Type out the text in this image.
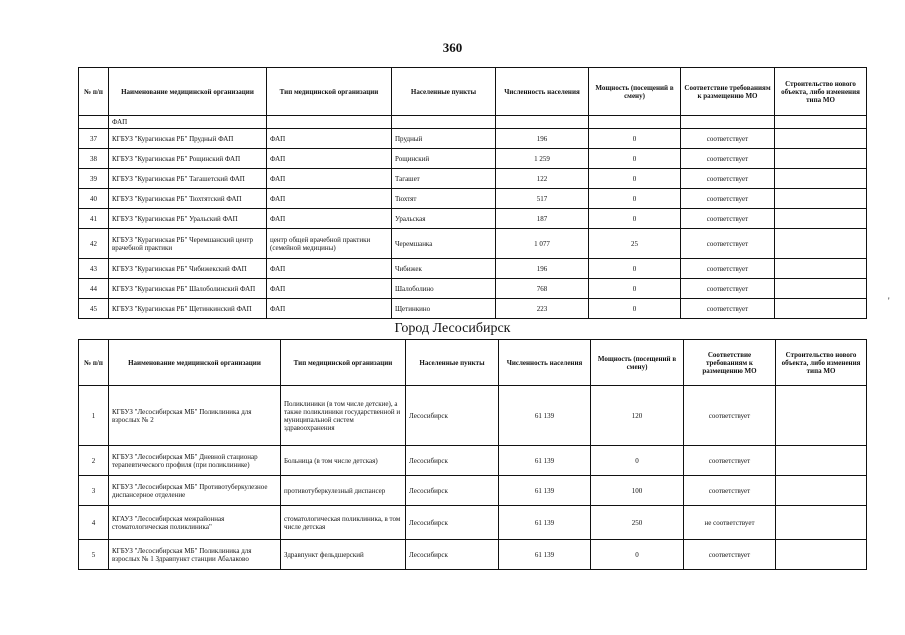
360
№ п/п	Наименование медицинской организации	Тип медицинской организации	Населенные пункты	Численность населения	Мощность (посещений в смену)	Соответствие требованиям к размещению МО	Строительство нового объекта, либо изменения типа МО
	ФАП						
37	КГБУЗ "Курагинская РБ" Прудный ФАП	ФАП	Прудный	196	0	соответствует	
38	КГБУЗ "Курагинская РБ" Рощинский ФАП	ФАП	Рощинский	1 259	0	соответствует	
39	КГБУЗ "Курагинская РБ" Тагашетский ФАП	ФАП	Тагашет	122	0	соответствует	
40	КГБУЗ "Курагинская РБ" Тюхтятский ФАП	ФАП	Тюхтят	517	0	соответствует	
41	КГБУЗ "Курагинская РБ" Уральский ФАП	ФАП	Уральская	187	0	соответствует	
42	КГБУЗ "Курагинская РБ" Черемшанский центр врачебной практики	центр общей врачебной практики (семейной медицины)	Черемшанка	1 077	25	соответствует	
43	КГБУЗ "Курагинская РБ" Чибижекский ФАП	ФАП	Чибижек	196	0	соответствует	
44	КГБУЗ "Курагинская РБ" Шалоболинский ФАП	ФАП	Шалоболино	768	0	соответствует	
45	КГБУЗ "Курагинская РБ" Щетинкинский ФАП	ФАП	Щетинкино	223	0	соответствует	
Город Лесосибирск
'
№ п/п	Наименование медицинской организации	Тип медицинской организации	Населенные пункты	Численность населения	Мощность (посещений в смену)	Соответствие требованиям к размещению МО	Строительство нового объекта, либо изменения типа МО
1	КГБУЗ "Лесосибирская МБ" Поликлиника для взрослых № 2	Поликлиники (в том числе детские), а также поликлиники государственной и муниципальной систем здравоохранения	Лесосибирск	61 139	120	соответствует	
2	КГБУЗ "Лесосибирская МБ" Дневной стационар терапевтического профиля (при поликлинике)	Больница (в том числе детская)	Лесосибирск	61 139	0	соответствует	
3	КГБУЗ "Лесосибирская МБ" Противотуберкулезное диспансерное отделение	противотуберкулезный диспансер	Лесосибирск	61 139	100	соответствует	
4	КГАУЗ "Лесосибирская межрайонная стоматологическая поликлиника"	стоматологическая поликлиника, в том числе детская	Лесосибирск	61 139	250	не соответствует	
5	КГБУЗ "Лесосибирская МБ" Поликлиника для взрослых № 1 Здравпункт станции Абалаково	Здравпункт фельдшерский	Лесосибирск	61 139	0	соответствует	
